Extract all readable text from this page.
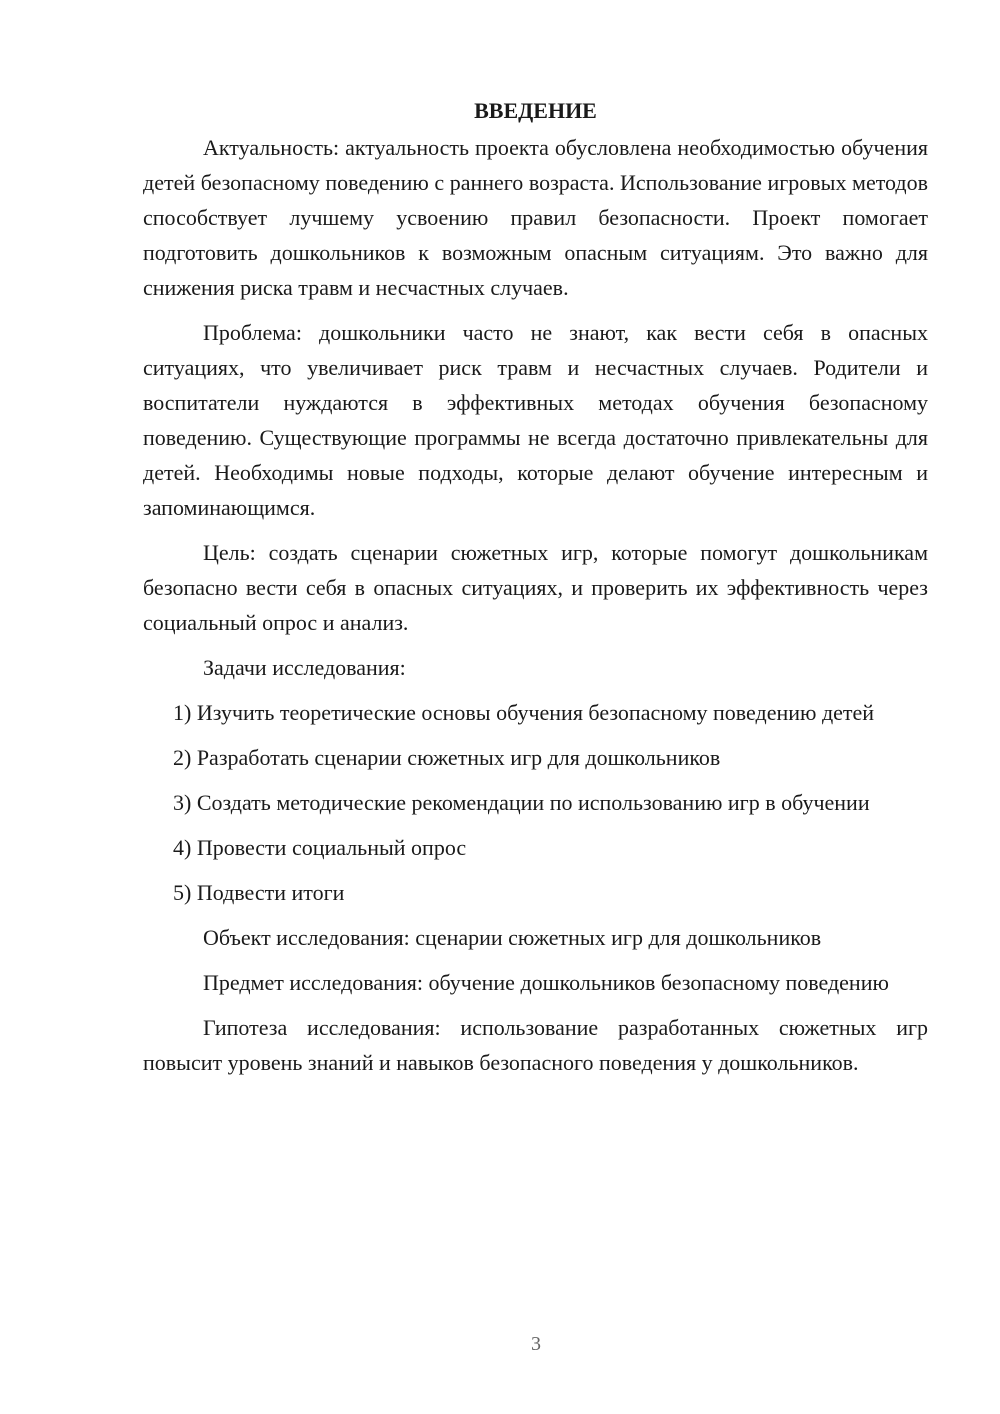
ВВЕДЕНИЕ

Актуальность: актуальность проекта обусловлена необходимостью обучения детей безопасному поведению с раннего возраста. Использование игровых методов способствует лучшему усвоению правил безопасности. Проект помогает подготовить дошкольников к возможным опасным ситуациям. Это важно для снижения риска травм и несчастных случаев.

Проблема: дошкольники часто не знают, как вести себя в опасных ситуациях, что увеличивает риск травм и несчастных случаев. Родители и воспитатели нуждаются в эффективных методах обучения безопасному поведению. Существующие программы не всегда достаточно привлекательны для детей. Необходимы новые подходы, которые делают обучение интересным и запоминающимся.

Цель: создать сценарии сюжетных игр, которые помогут дошкольникам безопасно вести себя в опасных ситуациях, и проверить их эффективность через социальный опрос и анализ.

Задачи исследования:

1) Изучить теоретические основы обучения безопасному поведению детей

2) Разработать сценарии сюжетных игр для дошкольников

3) Создать методические рекомендации по использованию игр в обучении

4) Провести социальный опрос

5) Подвести итоги

Объект исследования: сценарии сюжетных игр для дошкольников

Предмет исследования: обучение дошкольников безопасному поведению

Гипотеза исследования: использование разработанных сюжетных игр повысит уровень знаний и навыков безопасного поведения у дошкольников.

3
